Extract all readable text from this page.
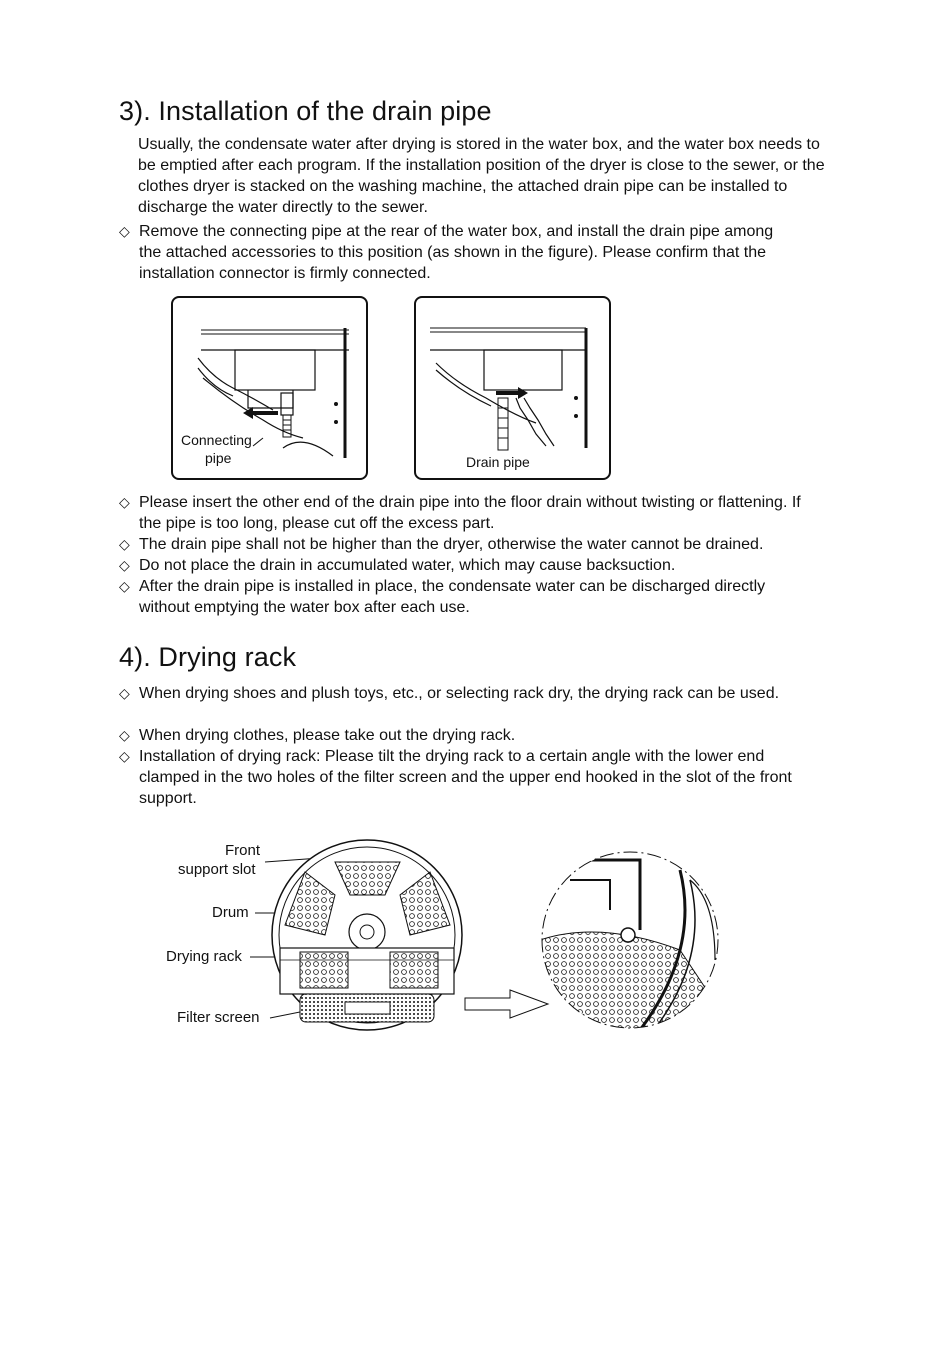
3). Installation of the drain pipe

Usually, the condensate water after drying is stored in the water box, and the water box needs to be emptied after each program. If the installation position of the dryer is close to the sewer, or the clothes dryer is stacked on the washing machine, the attached drain pipe can be installed to discharge the water directly to the sewer.

◇ Remove the connecting pipe at the rear of the water box, and install the drain pipe among the attached accessories to this position (as shown in the figure). Please confirm that the installation connector is firmly connected.
Connecting
pipe	Drain pipe
◇ Please insert the other end of the drain pipe into the floor drain without twisting or flattening. If the pipe is too long, please cut off the excess part.
◇ The drain pipe shall not be higher than the dryer, otherwise the water cannot be drained.
◇ Do not place the drain in accumulated water, which may cause backsuction.
◇ After the drain pipe is installed in place, the condensate water can be discharged directly without emptying the water box after each use.
4). Drying rack
◇ When drying shoes and plush toys, etc., or selecting rack dry, the drying rack can be used.
◇ When drying clothes, please take out the drying rack.
◇ Installation of drying rack: Please tilt the drying rack to a certain angle with the lower end clamped in the two holes of the filter screen and the upper end hooked in the slot of the front support.
Front
support slot
Drum
Drying rack
Filter screen
